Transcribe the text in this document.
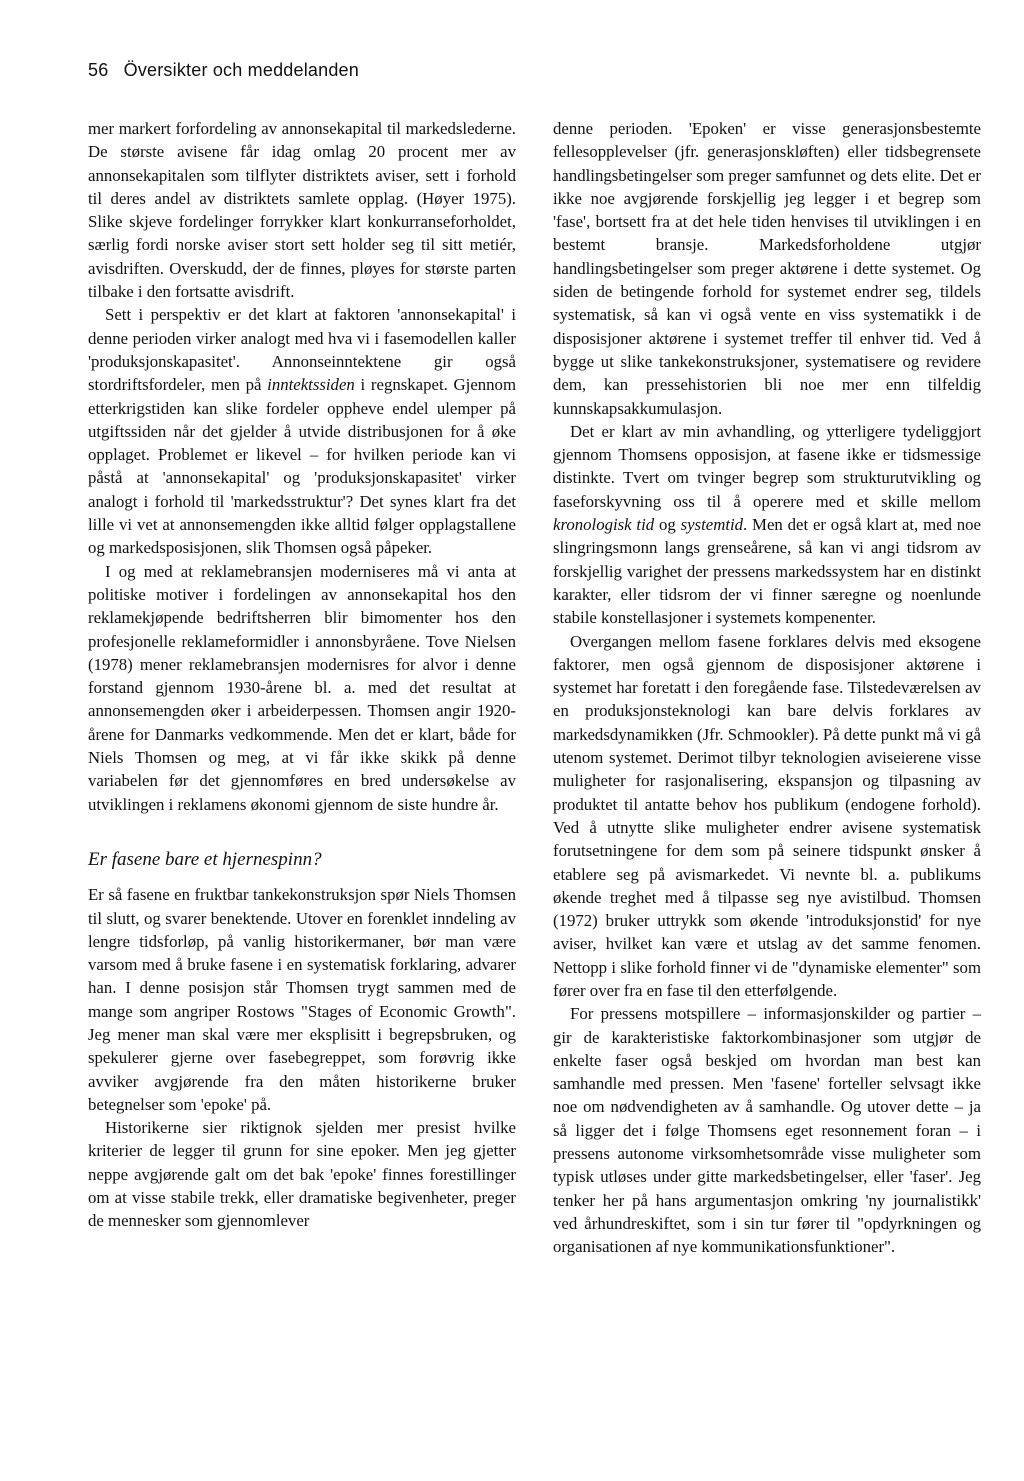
56 Översikter och meddelanden

mer markert forfordeling av annonsekapital til markedslederne. De største avisene får idag omlag 20 procent mer av annonsekapitalen som tilflyter distriktets aviser, sett i forhold til deres andel av distriktets samlete opplag. (Høyer 1975). Slike skjeve fordelinger forrykker klart konkurranseforholdet, særlig fordi norske aviser stort sett holder seg til sitt metiér, avisdriften. Overskudd, der de finnes, pløyes for største parten tilbake i den fortsatte avisdrift.

Sett i perspektiv er det klart at faktoren 'annonsekapital' i denne perioden virker analogt med hva vi i fasemodellen kaller 'produksjonskapasitet'. Annonseinntektene gir også stordriftsfordeler, men på inntektssiden i regnskapet. Gjennom etterkrigstiden kan slike fordeler oppheve endel ulemper på utgiftssiden når det gjelder å utvide distribusjonen for å øke opplaget. Problemet er likevel – for hvilken periode kan vi påstå at 'annonsekapital' og 'produksjonskapasitet' virker analogt i forhold til 'markedsstruktur'? Det synes klart fra det lille vi vet at annonsemengden ikke alltid følger opplagstallene og markedsposisjonen, slik Thomsen også påpeker.

I og med at reklamebransjen moderniseres må vi anta at politiske motiver i fordelingen av annonsekapital hos den reklamekjøpende bedriftsherren blir bimomenter hos den profesjonelle reklameformidler i annonsbyråene. Tove Nielsen (1978) mener reklamebransjen modernisres for alvor i denne forstand gjennom 1930-årene bl. a. med det resultat at annonsemengden øker i arbeiderpessen. Thomsen angir 1920-årene for Danmarks vedkommende. Men det er klart, både for Niels Thomsen og meg, at vi får ikke skikk på denne variabelen før det gjennomføres en bred undersøkelse av utviklingen i reklamens økonomi gjennom de siste hundre år.

Er fasene bare et hjernespinn?

Er så fasene en fruktbar tankekonstruksjon spør Niels Thomsen til slutt, og svarer benektende. Utover en forenklet inndeling av lengre tidsforløp, på vanlig historikermaner, bør man være varsom med å bruke fasene i en systematisk forklaring, advarer han. I denne posisjon står Thomsen trygt sammen med de mange som angriper Rostows "Stages of Economic Growth". Jeg mener man skal være mer eksplisitt i begrepsbruken, og spekulerer gjerne over fasebegreppet, som forøvrig ikke avviker avgjørende fra den måten historikerne bruker betegnelser som 'epoke' på.

Historikerne sier riktignok sjelden mer presist hvilke kriterier de legger til grunn for sine epoker. Men jeg gjetter neppe avgjørende galt om det bak 'epoke' finnes forestillinger om at visse stabile trekk, eller dramatiske begivenheter, preger de mennesker som gjennomlever

denne perioden. 'Epoken' er visse generasjonsbestemte fellesopplevelser (jfr. generasjonskløften) eller tidsbegrensete handlingsbetingelser som preger samfunnet og dets elite. Det er ikke noe avgjørende forskjellig jeg legger i et begrep som 'fase', bortsett fra at det hele tiden henvises til utviklingen i en bestemt bransje. Markedsforholdene utgjør handlingsbetingelser som preger aktørene i dette systemet. Og siden de betingende forhold for systemet endrer seg, tildels systematisk, så kan vi også vente en viss systematikk i de disposisjoner aktørene i systemet treffer til enhver tid. Ved å bygge ut slike tankekonstruksjoner, systematisere og revidere dem, kan pressehistorien bli noe mer enn tilfeldig kunnskapsakkumulasjon.

Det er klart av min avhandling, og ytterligere tydeliggjort gjennom Thomsens opposisjon, at fasene ikke er tidsmessige distinkte. Tvert om tvinger begrep som strukturutvikling og faseforskyvning oss til å operere med et skille mellom kronologisk tid og systemtid. Men det er også klart at, med noe slingringsmonn langs grenseårene, så kan vi angi tidsrom av forskjellig varighet der pressens markedssystem har en distinkt karakter, eller tidsrom der vi finner særegne og noenlunde stabile konstellasjoner i systemets kompenenter.

Overgangen mellom fasene forklares delvis med eksogene faktorer, men også gjennom de disposisjoner aktørene i systemet har foretatt i den foregående fase. Tilstedeværelsen av en produksjonsteknologi kan bare delvis forklares av markedsdynamikken (Jfr. Schmookler). På dette punkt må vi gå utenom systemet. Derimot tilbyr teknologien aviseierene visse muligheter for rasjonalisering, ekspansjon og tilpasning av produktet til antatte behov hos publikum (endogene forhold). Ved å utnytte slike muligheter endrer avisene systematisk forutsetningene for dem som på seinere tidspunkt ønsker å etablere seg på avismarkedet. Vi nevnte bl. a. publikums økende treghet med å tilpasse seg nye avistilbud. Thomsen (1972) bruker uttrykk som økende 'introduksjonstid' for nye aviser, hvilket kan være et utslag av det samme fenomen. Nettopp i slike forhold finner vi de "dynamiske elementer" som fører over fra en fase til den etterfølgende.

For pressens motspillere – informasjonskilder og partier – gir de karakteristiske faktorkombinasjoner som utgjør de enkelte faser også beskjed om hvordan man best kan samhandle med pressen. Men 'fasene' forteller selvsagt ikke noe om nødvendigheten av å samhandle. Og utover dette – ja så ligger det i følge Thomsens eget resonnement foran – i pressens autonome virksomhetsområde visse muligheter som typisk utløses under gitte markedsbetingelser, eller 'faser'. Jeg tenker her på hans argumentasjon omkring 'ny journalistikk' ved århundreskiftet, som i sin tur fører til "opdyrkningen og organisationen af nye kommunikationsfunktioner".
